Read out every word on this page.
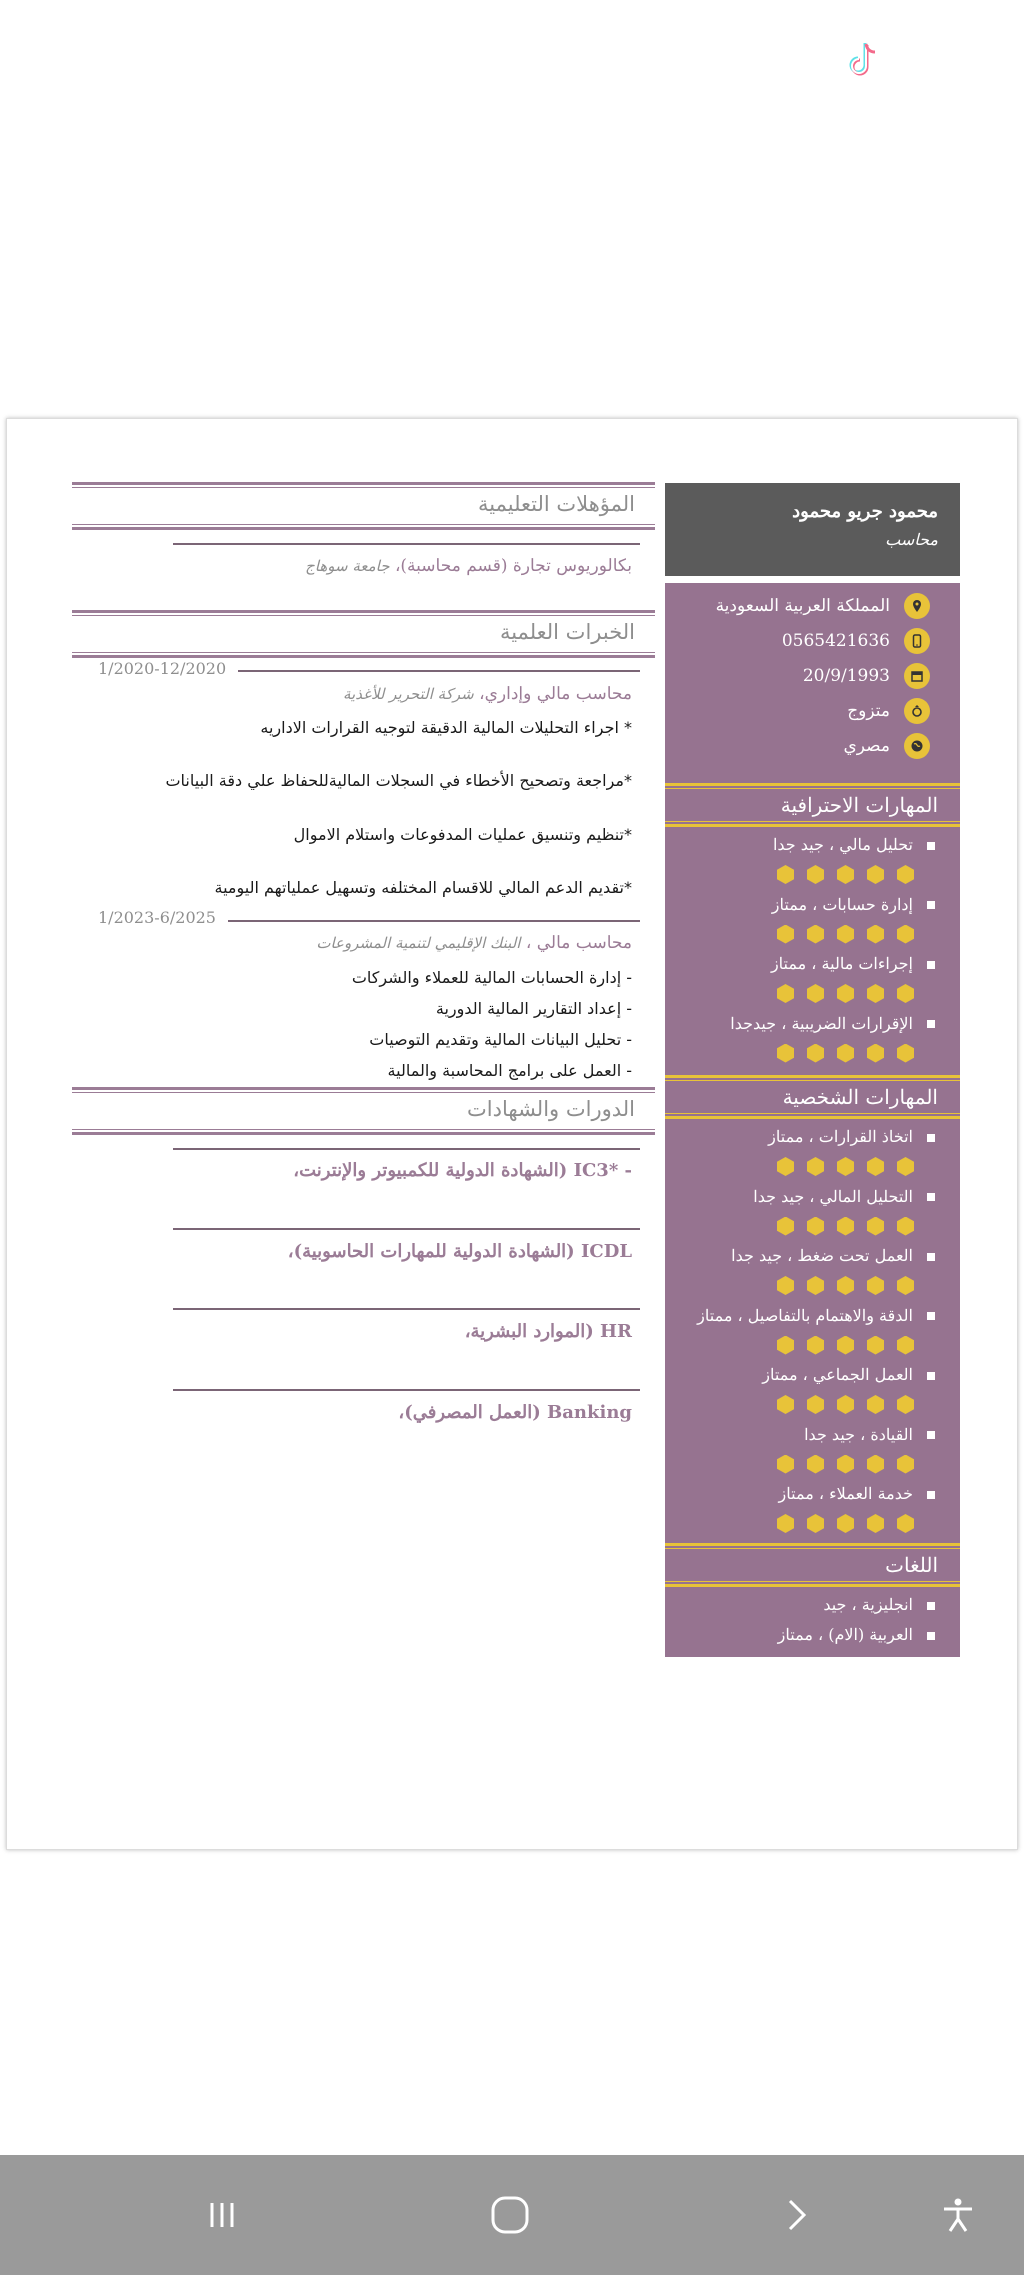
محمود جريو محمود
محاسب
المملكة العربية السعودية
0565421636
20/9/1993
متزوج
مصري
المهارات الاحترافية
تحليل مالي ، جيد جدا
إدارة حسابات ، ممتاز
إجراءات مالية ، ممتاز
الإقرارات الضريبية ، جيدجدا
المهارات الشخصية
اتخاذ القرارات ، ممتاز
التحليل المالي ، جيد جدا
العمل تحت ضغط ، جيد جدا
الدقة والاهتمام بالتفاصيل ، ممتاز
العمل الجماعي ، ممتاز
القيادة ، جيد جدا
خدمة العملاء ، ممتاز
اللغات
انجليزية ، جيد
العربية (الام) ، ممتاز
المؤهلات التعليمية
بكالوريوس تجارة (قسم محاسبة)، جامعة سوهاج
الخبرات العلمية
1/2020-12/2020
محاسب مالي وإداري، شركة التحرير للأغذية
* اجراء التحليلات المالية الدقيقة لتوجيه القرارات الاداريه
*مراجعة وتصحيح الأخطاء في السجلات الماليةللحفاظ علي دقة البيانات
*تنظيم وتنسيق عمليات المدفوعات واستلام الاموال
*تقديم الدعم المالي للاقسام المختلفه وتسهيل عملياتهم اليومية
1/2023-6/2025
محاسب مالي ، البنك الإقليمي لتنمية المشروعات
- إدارة الحسابات المالية للعملاء والشركات
- إعداد التقارير المالية الدورية
- تحليل البيانات المالية وتقديم التوصيات
- العمل على برامج المحاسبة والمالية
الدورات والشهادات
- *IC3 (الشهادة الدولية للكمبيوتر والإنترنت،
ICDL (الشهادة الدولية للمهارات الحاسوبية)،
HR (الموارد البشرية،
Banking (العمل المصرفي)،
